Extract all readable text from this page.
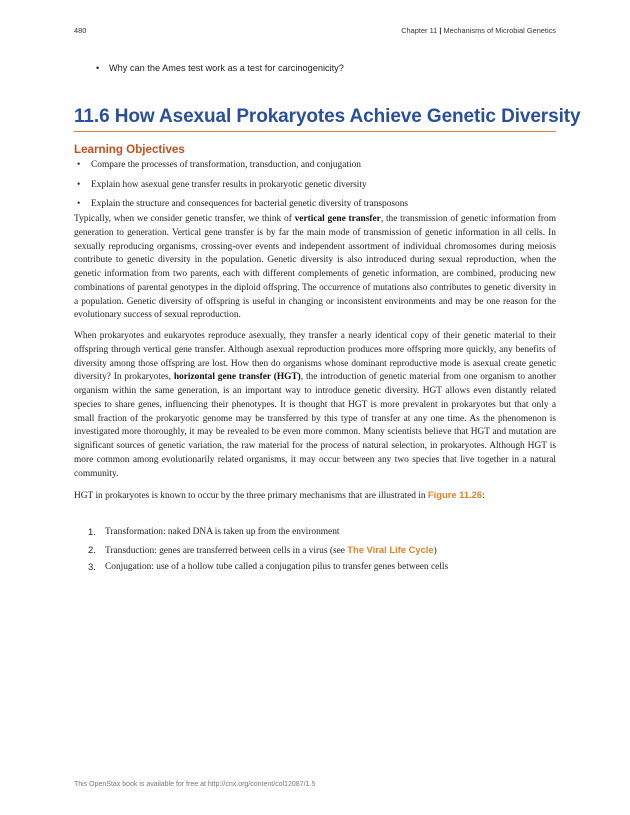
480	Chapter 11 | Mechanisms of Microbial Genetics
• Why can the Ames test work as a test for carcinogenicity?
11.6 How Asexual Prokaryotes Achieve Genetic Diversity
Learning Objectives
• Compare the processes of transformation, transduction, and conjugation
• Explain how asexual gene transfer results in prokaryotic genetic diversity
• Explain the structure and consequences for bacterial genetic diversity of transposons

Typically, when we consider genetic transfer, we think of vertical gene transfer, the transmission of genetic information from generation to generation. Vertical gene transfer is by far the main mode of transmission of genetic information in all cells. In sexually reproducing organisms, crossing-over events and independent assortment of individual chromosomes during meiosis contribute to genetic diversity in the population. Genetic diversity is also introduced during sexual reproduction, when the genetic information from two parents, each with different complements of genetic information, are combined, producing new combinations of parental genotypes in the diploid offspring. The occurrence of mutations also contributes to genetic diversity in a population. Genetic diversity of offspring is useful in changing or inconsistent environments and may be one reason for the evolutionary success of sexual reproduction.

When prokaryotes and eukaryotes reproduce asexually, they transfer a nearly identical copy of their genetic material to their offspring through vertical gene transfer. Although asexual reproduction produces more offspring more quickly, any benefits of diversity among those offspring are lost. How then do organisms whose dominant reproductive mode is asexual create genetic diversity? In prokaryotes, horizontal gene transfer (HGT), the introduction of genetic material from one organism to another organism within the same generation, is an important way to introduce genetic diversity. HGT allows even distantly related species to share genes, influencing their phenotypes. It is thought that HGT is more prevalent in prokaryotes but that only a small fraction of the prokaryotic genome may be transferred by this type of transfer at any one time. As the phenomenon is investigated more thoroughly, it may be revealed to be even more common. Many scientists believe that HGT and mutation are significant sources of genetic variation, the raw material for the process of natural selection, in prokaryotes. Although HGT is more common among evolutionarily related organisms, it may occur between any two species that live together in a natural community.

HGT in prokaryotes is known to occur by the three primary mechanisms that are illustrated in Figure 11.26:

1. Transformation: naked DNA is taken up from the environment
2. Transduction: genes are transferred between cells in a virus (see The Viral Life Cycle)
3. Conjugation: use of a hollow tube called a conjugation pilus to transfer genes between cells
This OpenStax book is available for free at http://cnx.org/content/col12087/1.5
